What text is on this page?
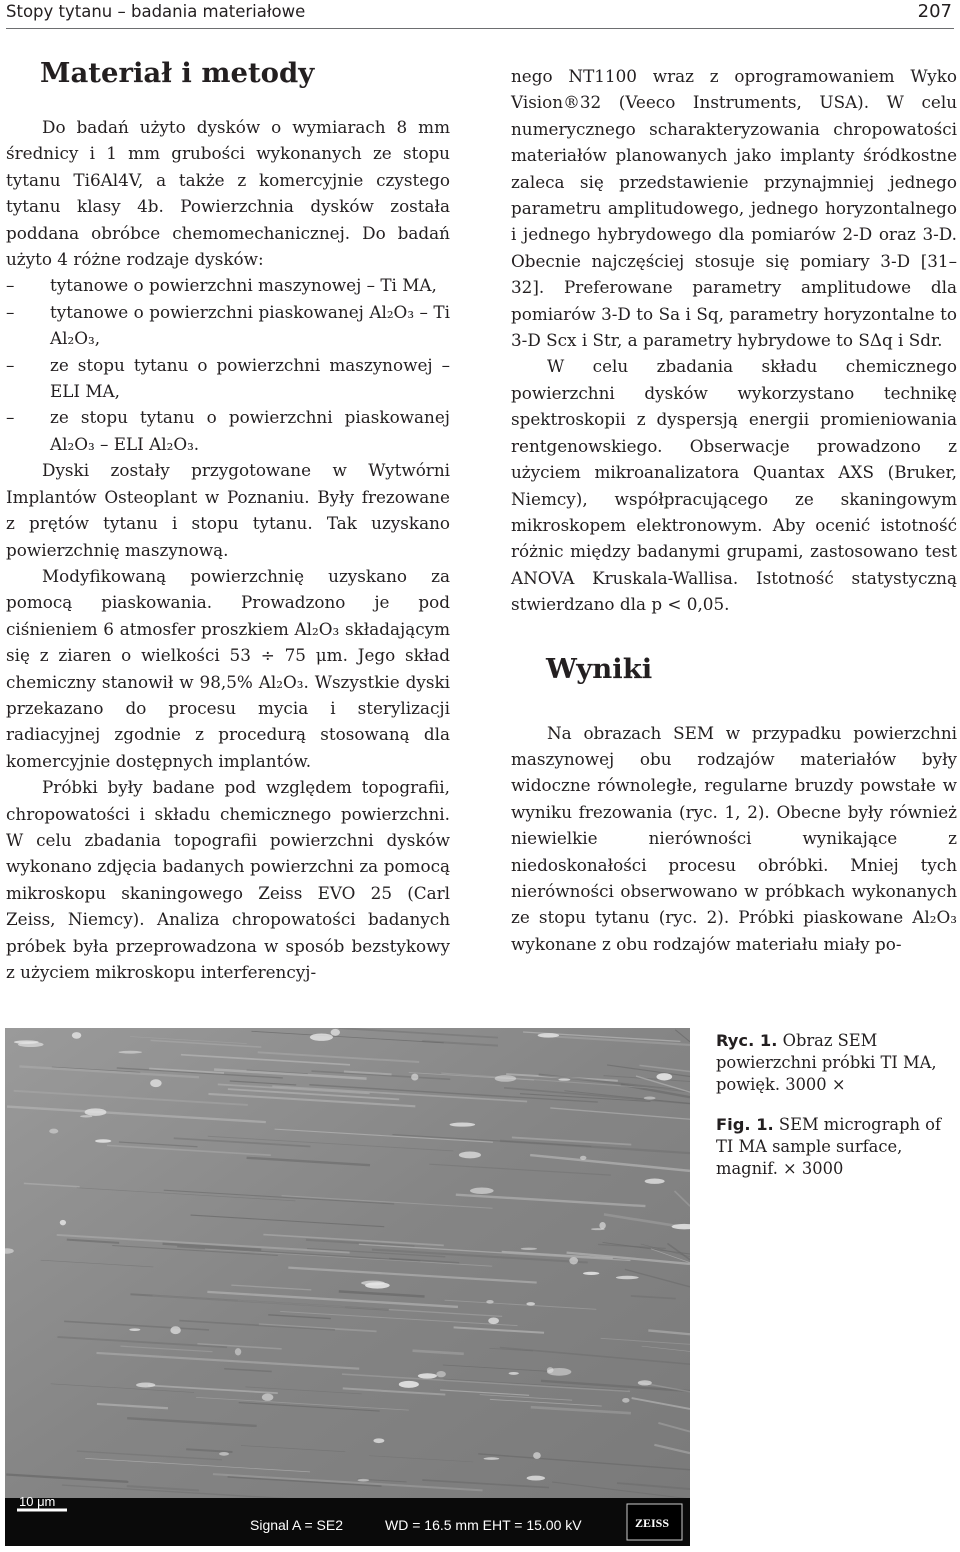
Stopy tytanu – badania materiałowe	207
Materiał i metody

Do badań użyto dysków o wymiarach 8 mm średnicy i 1 mm grubości wykonanych ze stopu tytanu Ti6Al4V, a także z komercyjnie czystego tytanu klasy 4b. Powierzchnia dysków została poddana obróbce chemomechanicznej. Do badań użyto 4 różne rodzaje dysków:

– tytanowe o powierzchni maszynowej – Ti MA,
– tytanowe o powierzchni piaskowanej Al₂O₃ – Ti Al₂O₃,
– ze stopu tytanu o powierzchni maszynowej – ELI MA,
– ze stopu tytanu o powierzchni piaskowanej Al₂O₃ – ELI Al₂O₃.

Dyski zostały przygotowane w Wytwórni Implantów Osteoplant w Poznaniu. Były frezowane z prętów tytanu i stopu tytanu. Tak uzyskano powierzchnię maszynową.

Modyfikowaną powierzchnię uzyskano za pomocą piaskowania. Prowadzono je pod ciśnieniem 6 atmosfer proszkiem Al₂O₃ składającym się z ziaren o wielkości 53 ÷ 75 μm. Jego skład chemiczny stanowił w 98,5% Al₂O₃. Wszystkie dyski przekazano do procesu mycia i sterylizacji radiacyjnej zgodnie z procedurą stosowaną dla komercyjnie dostępnych implantów.

Próbki były badane pod względem topografii, chropowatości i składu chemicznego powierzchni. W celu zbadania topografii powierzchni dysków wykonano zdjęcia badanych powierzchni za pomocą mikroskopu skaningowego Zeiss EVO 25 (Carl Zeiss, Niemcy). Analiza chropowatości badanych próbek była przeprowadzona w sposób bezstykowy z użyciem mikroskopu interferencyj-

nego NT1100 wraz z oprogramowaniem Wyko Vision®32 (Veeco Instruments, USA). W celu numerycznego scharakteryzowania chropowatości materiałów planowanych jako implanty śródkostne zaleca się przedstawienie przynajmniej jednego parametru amplitudowego, jednego horyzontalnego i jednego hybrydowego dla pomiarów 2-D oraz 3-D. Obecnie najczęściej stosuje się pomiary 3-D [31–32]. Preferowane parametry amplitudowe dla pomiarów 3-D to Sa i Sq, parametry horyzontalne to 3-D Scx i Str, a parametry hybrydowe to SΔq i Sdr.

W celu zbadania składu chemicznego powierzchni dysków wykorzystano technikę spektroskopii z dyspersją energii promieniowania rentgenowskiego. Obserwacje prowadzono z użyciem mikroanalizatora Quantax AXS (Bruker, Niemcy), współpracującego ze skaningowym mikroskopem elektronowym. Aby ocenić istotność różnic między badanymi grupami, zastosowano test ANOVA Kruskala-Wallisa. Istotność statystyczną stwierdzano dla p < 0,05.

Wyniki

Na obrazach SEM w przypadku powierzchni maszynowej obu rodzajów materiałów były widoczne równoległe, regularne bruzdy powstałe w wyniku frezowania (ryc. 1, 2). Obecne były również niewielkie nierówności wynikające z niedoskonałości procesu obróbki. Mniej tych nierówności obserwowano w próbkach wykonanych ze stopu tytanu (ryc. 2). Próbki piaskowane Al₂O₃ wykonane z obu rodzajów materiału miały po-

10 μm
Signal A = SE2	WD = 16.5 mm EHT = 15.00 kV	ZEISS

Ryc. 1. Obraz SEM powierzchni próbki TI MA, powięk. 3000 ×

Fig. 1. SEM micrograph of TI MA sample surface, magnif. × 3000
